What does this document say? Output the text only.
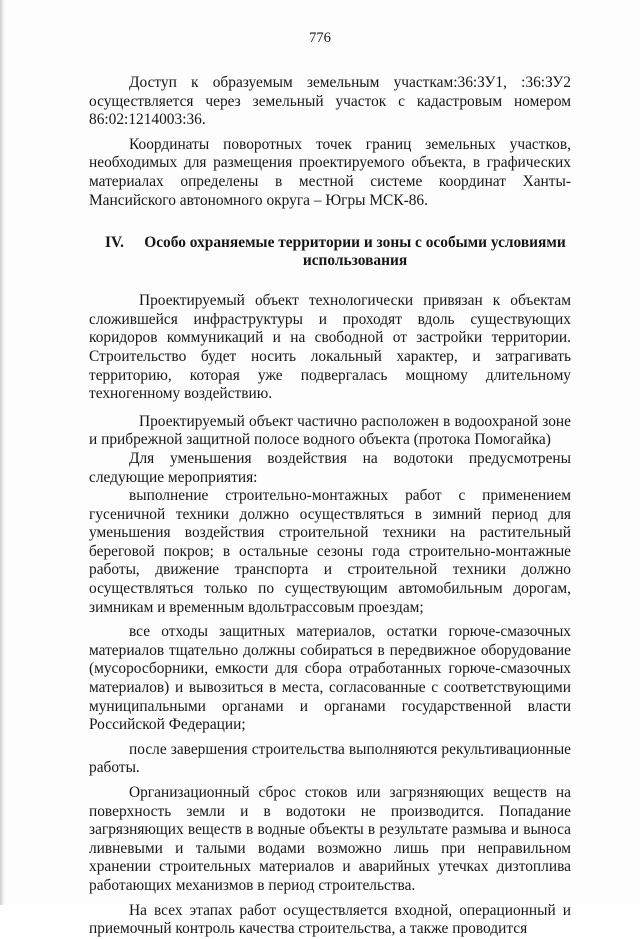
776

Доступ к образуемым земельным участкам:36:ЗУ1, :36:ЗУ2 осуществляется через земельный участок с кадастровым номером 86:02:1214003:36.

Координаты поворотных точек границ земельных участков, необходимых для размещения проектируемого объекта, в графических материалах определены в местной системе координат Ханты-Мансийского автономного округа – Югры МСК-86.

IV.	Особо охраняемые территории и зоны с особыми условиями использования

Проектируемый объект технологически привязан к объектам сложившейся инфраструктуры и проходят вдоль существующих коридоров коммуникаций и на свободной от застройки территории. Строительство будет носить локальный характер, и затрагивать территорию, которая уже подвергалась мощному длительному техногенному воздействию.

Проектируемый объект частично расположен в водоохраной зоне и прибрежной защитной полосе водного объекта (протока Помогайка)

Для уменьшения воздействия на водотоки предусмотрены следующие мероприятия:

выполнение строительно-монтажных работ с применением гусеничной техники должно осуществляться в зимний период для уменьшения воздействия строительной техники на растительный береговой покров; в остальные сезоны года строительно-монтажные работы, движение транспорта и строительной техники должно осуществляться только по существующим автомобильным дорогам, зимникам и временным вдольтрассовым проездам;

все отходы защитных материалов, остатки горюче-смазочных материалов тщательно должны собираться в передвижное оборудование (мусоросборники, емкости для сбора отработанных горюче-смазочных материалов) и вывозиться в места, согласованные с соответствующими муниципальными органами и органами государственной власти Российской Федерации;

после завершения строительства выполняются рекультивационные работы.

Организационный сброс стоков или загрязняющих веществ на поверхность земли и в водотоки не производится. Попадание загрязняющих веществ в водные объекты в результате размыва и выноса ливневыми и талыми водами возможно лишь при неправильном хранении строительных материалов и аварийных утечках дизтоплива работающих механизмов в период строительства.

На всех этапах работ осуществляется входной, операционный и приемочный контроль качества строительства, а также проводится
